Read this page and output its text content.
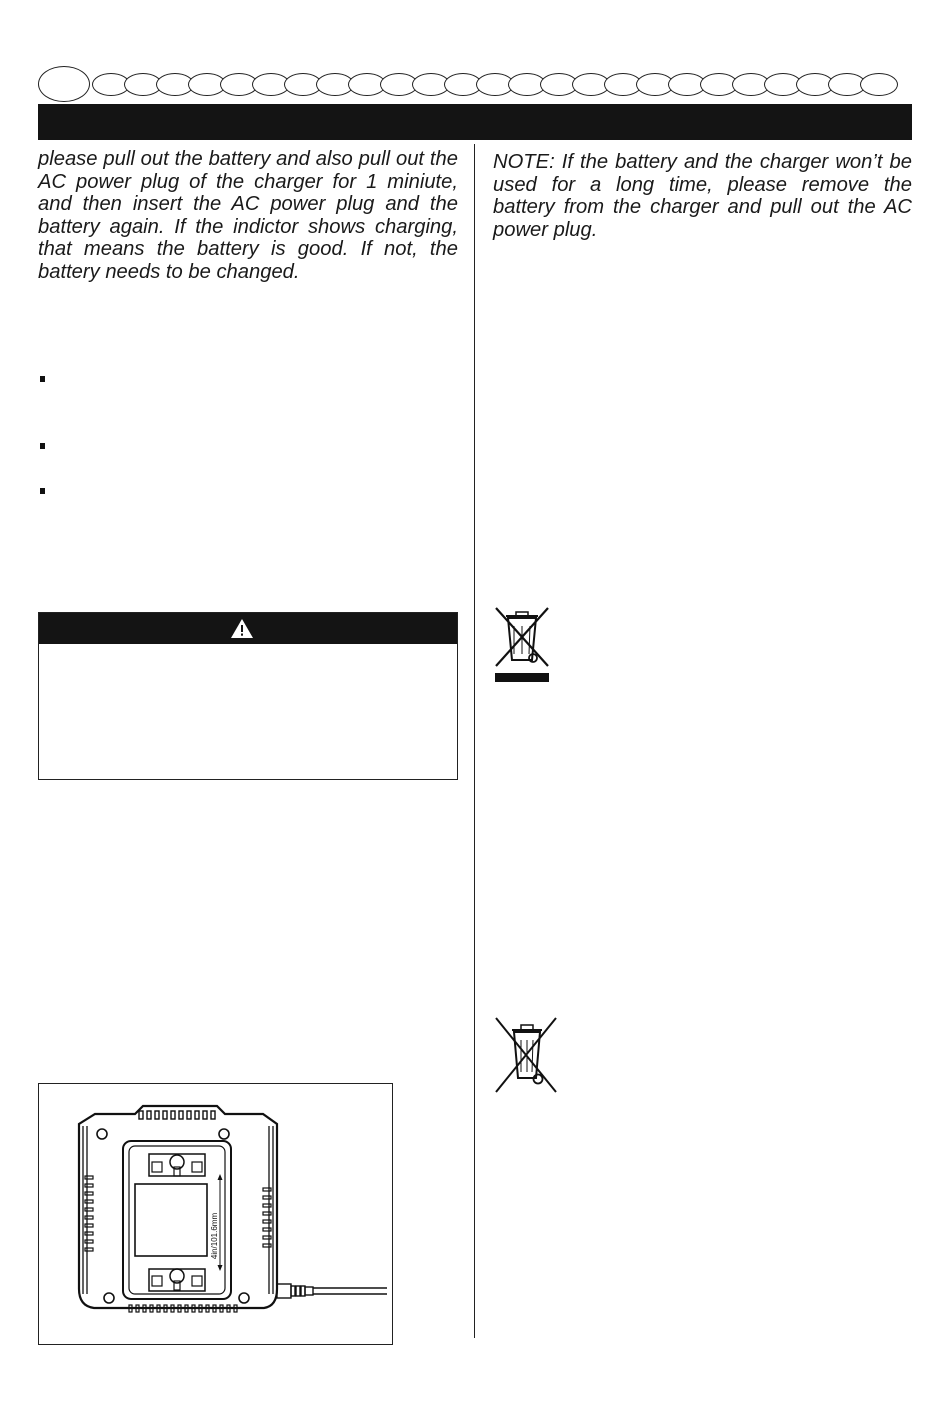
please pull out the battery and also pull out the AC power plug of the charger for 1 miniute, and then insert the AC power plug and the battery again. If the indictor shows charging, that means the battery is good. If not, the battery needs to be changed.

NOTE: If the battery and the charger won’t be used for a long time, please remove the battery from the charger and pull out the AC power plug.

4in/101.6mm
